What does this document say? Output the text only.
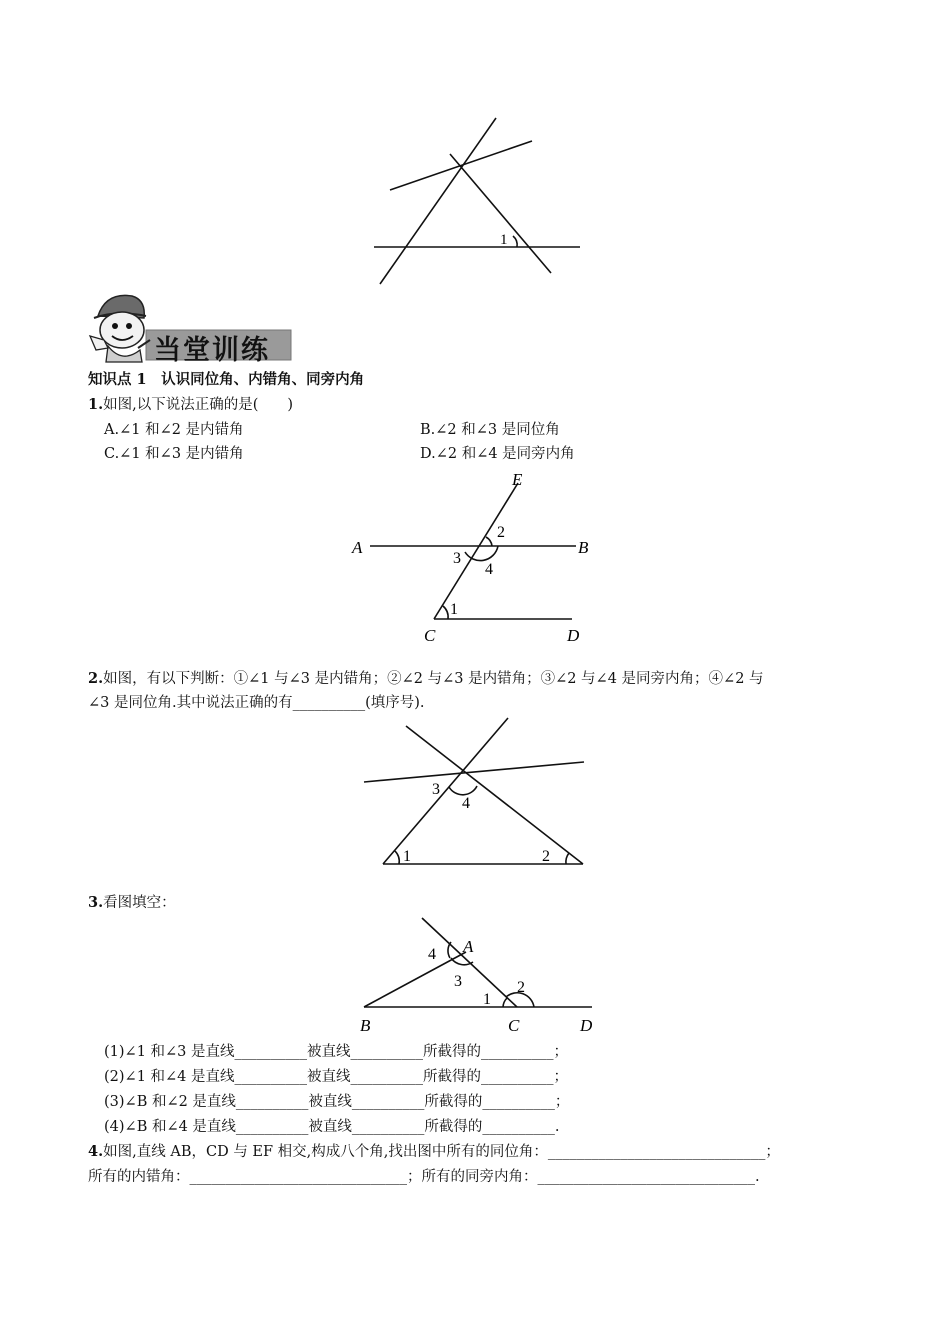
1
当堂训练
知识点 1　认识同位角、内错角、同旁内角
1.如图,以下说法正确的是(　　)
A.∠1 和∠2 是内错角	B.∠2 和∠3 是同位角
C.∠1 和∠3 是内错角	D.∠2 和∠4 是同旁内角
E
A	B
C	D
1
2
3
4
2.如图，有以下判断：①∠1 与∠3 是内错角；②∠2 与∠3 是内错角；③∠2 与∠4 是同旁内角；④∠2 与
∠3 是同位角.其中说法正确的有__________(填序号).
1	2
3
4
3.看图填空：
A
B	C	D
1
2
3
4
(1)∠1 和∠3 是直线__________被直线__________所截得的__________；
(2)∠1 和∠4 是直线__________被直线__________所截得的__________；
(3)∠B 和∠2 是直线__________被直线__________所截得的__________；
(4)∠B 和∠4 是直线__________被直线__________所截得的__________.
4.如图,直线 AB，CD 与 EF 相交,构成八个角,找出图中所有的同位角：______________________________；
所有的内错角：______________________________；所有的同旁内角：______________________________.
